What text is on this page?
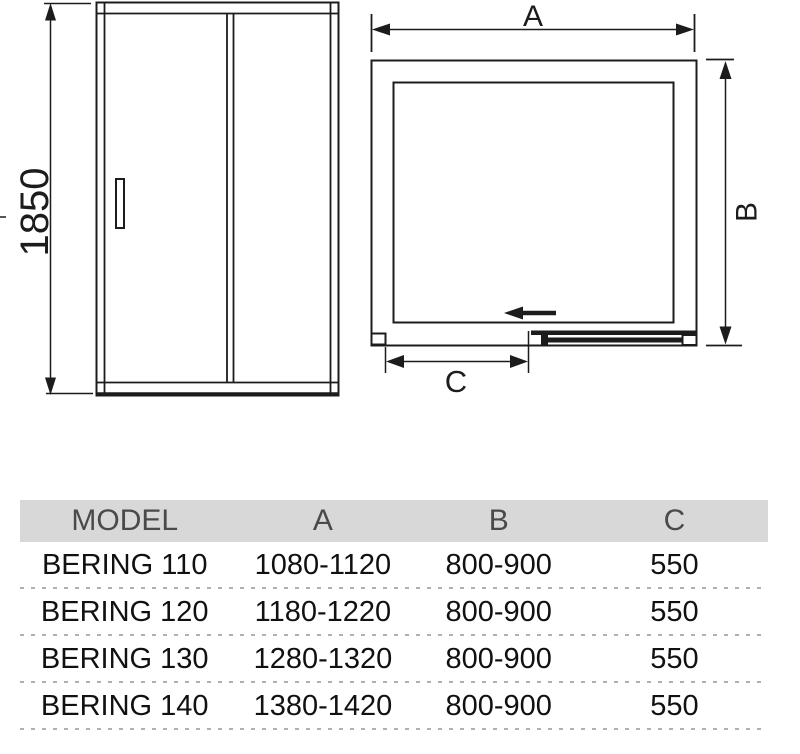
1850
A
B
C
MODEL	A	B	C
BERING 110	1080-1120	800-900	550
BERING 120	1180-1220	800-900	550
BERING 130	1280-1320	800-900	550
BERING 140	1380-1420	800-900	550
